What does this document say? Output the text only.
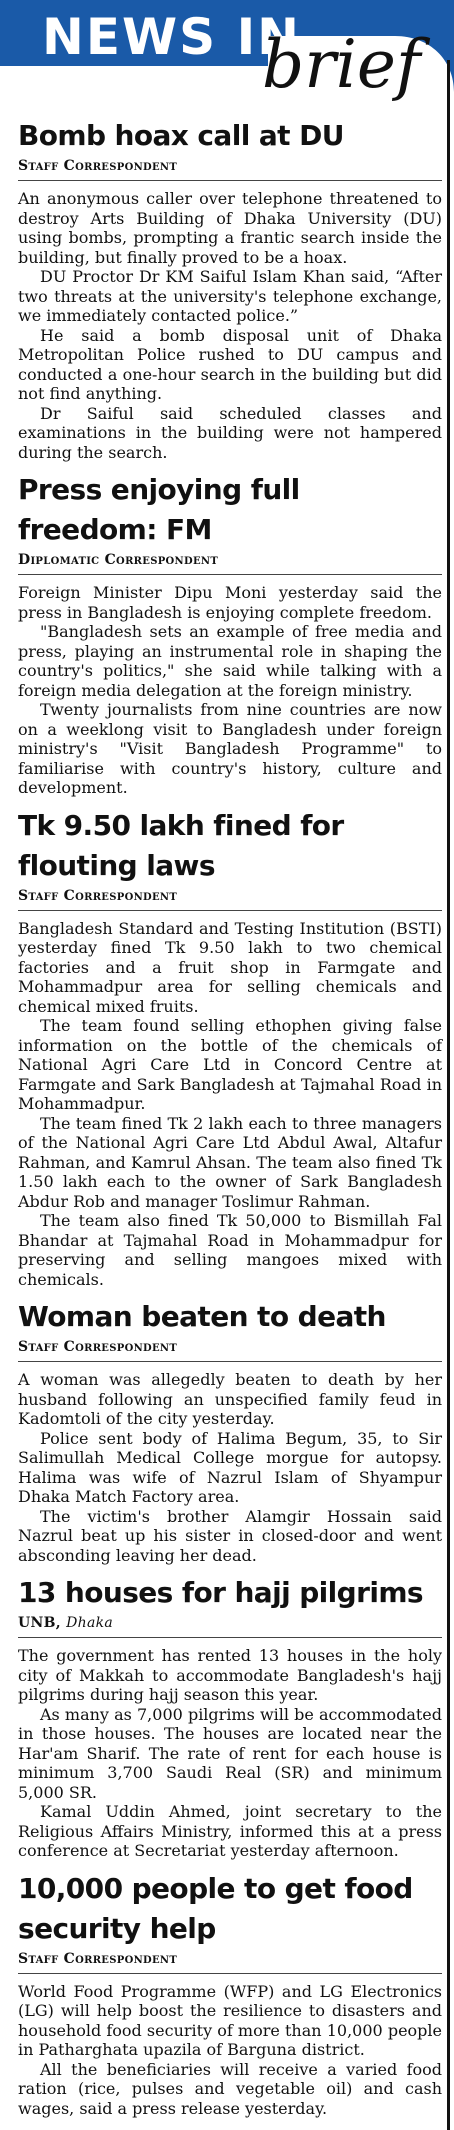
NEWS IN
brief
Bomb hoax call at DU
Staff Correspondent

An anonymous caller over telephone threatened to destroy Arts Building of Dhaka University (DU) using bombs, prompting a frantic search inside the building, but finally proved to be a hoax.

DU Proctor Dr KM Saiful Islam Khan said, “After two threats at the university's telephone exchange, we immediately contacted police.”

He said a bomb disposal unit of Dhaka Metropolitan Police rushed to DU campus and conducted a one-hour search in the building but did not find anything.

Dr Saiful said scheduled classes and examinations in the building were not hampered during the search.

Press enjoying full freedom: FM
Diplomatic Correspondent

Foreign Minister Dipu Moni yesterday said the press in Bangladesh is enjoying complete freedom.

"Bangladesh sets an example of free media and press, playing an instrumental role in shaping the country's politics," she said while talking with a foreign media delegation at the foreign ministry.

Twenty journalists from nine countries are now on a weeklong visit to Bangladesh under foreign ministry's "Visit Bangladesh Programme" to familiarise with country's history, culture and development.

Tk 9.50 lakh fined for flouting laws
Staff Correspondent

Bangladesh Standard and Testing Institution (BSTI) yesterday fined Tk 9.50 lakh to two chemical factories and a fruit shop in Farmgate and Mohammadpur area for selling chemicals and chemical mixed fruits.

The team found selling ethophen giving false information on the bottle of the chemicals of National Agri Care Ltd in Concord Centre at Farmgate and Sark Bangladesh at Tajmahal Road in Mohammadpur.

The team fined Tk 2 lakh each to three managers of the National Agri Care Ltd Abdul Awal, Altafur Rahman, and Kamrul Ahsan. The team also fined Tk 1.50 lakh each to the owner of Sark Bangladesh Abdur Rob and manager Toslimur Rahman.

The team also fined Tk 50,000 to Bismillah Fal Bhandar at Tajmahal Road in Mohammadpur for preserving and selling mangoes mixed with chemicals.

Woman beaten to death
Staff Correspondent

A woman was allegedly beaten to death by her husband following an unspecified family feud in Kadomtoli of the city yesterday.

Police sent body of Halima Begum, 35, to Sir Salimullah Medical College morgue for autopsy. Halima was wife of Nazrul Islam of Shyampur Dhaka Match Factory area.

The victim's brother Alamgir Hossain said Nazrul beat up his sister in closed-door and went absconding leaving her dead.

13 houses for hajj pilgrims
UNB, Dhaka

The government has rented 13 houses in the holy city of Makkah to accommodate Bangladesh's hajj pilgrims during hajj season this year.

As many as 7,000 pilgrims will be accommodated in those houses. The houses are located near the Har'am Sharif. The rate of rent for each house is minimum 3,700 Saudi Real (SR) and minimum 5,000 SR.

Kamal Uddin Ahmed, joint secretary to the Religious Affairs Ministry, informed this at a press conference at Secretariat yesterday afternoon.

10,000 people to get food security help
Staff Correspondent

World Food Programme (WFP) and LG Electronics (LG) will help boost the resilience to disasters and household food security of more than 10,000 people in Patharghata upazila of Barguna district.

All the beneficiaries will receive a varied food ration (rice, pulses and vegetable oil) and cash wages, said a press release yesterday.
